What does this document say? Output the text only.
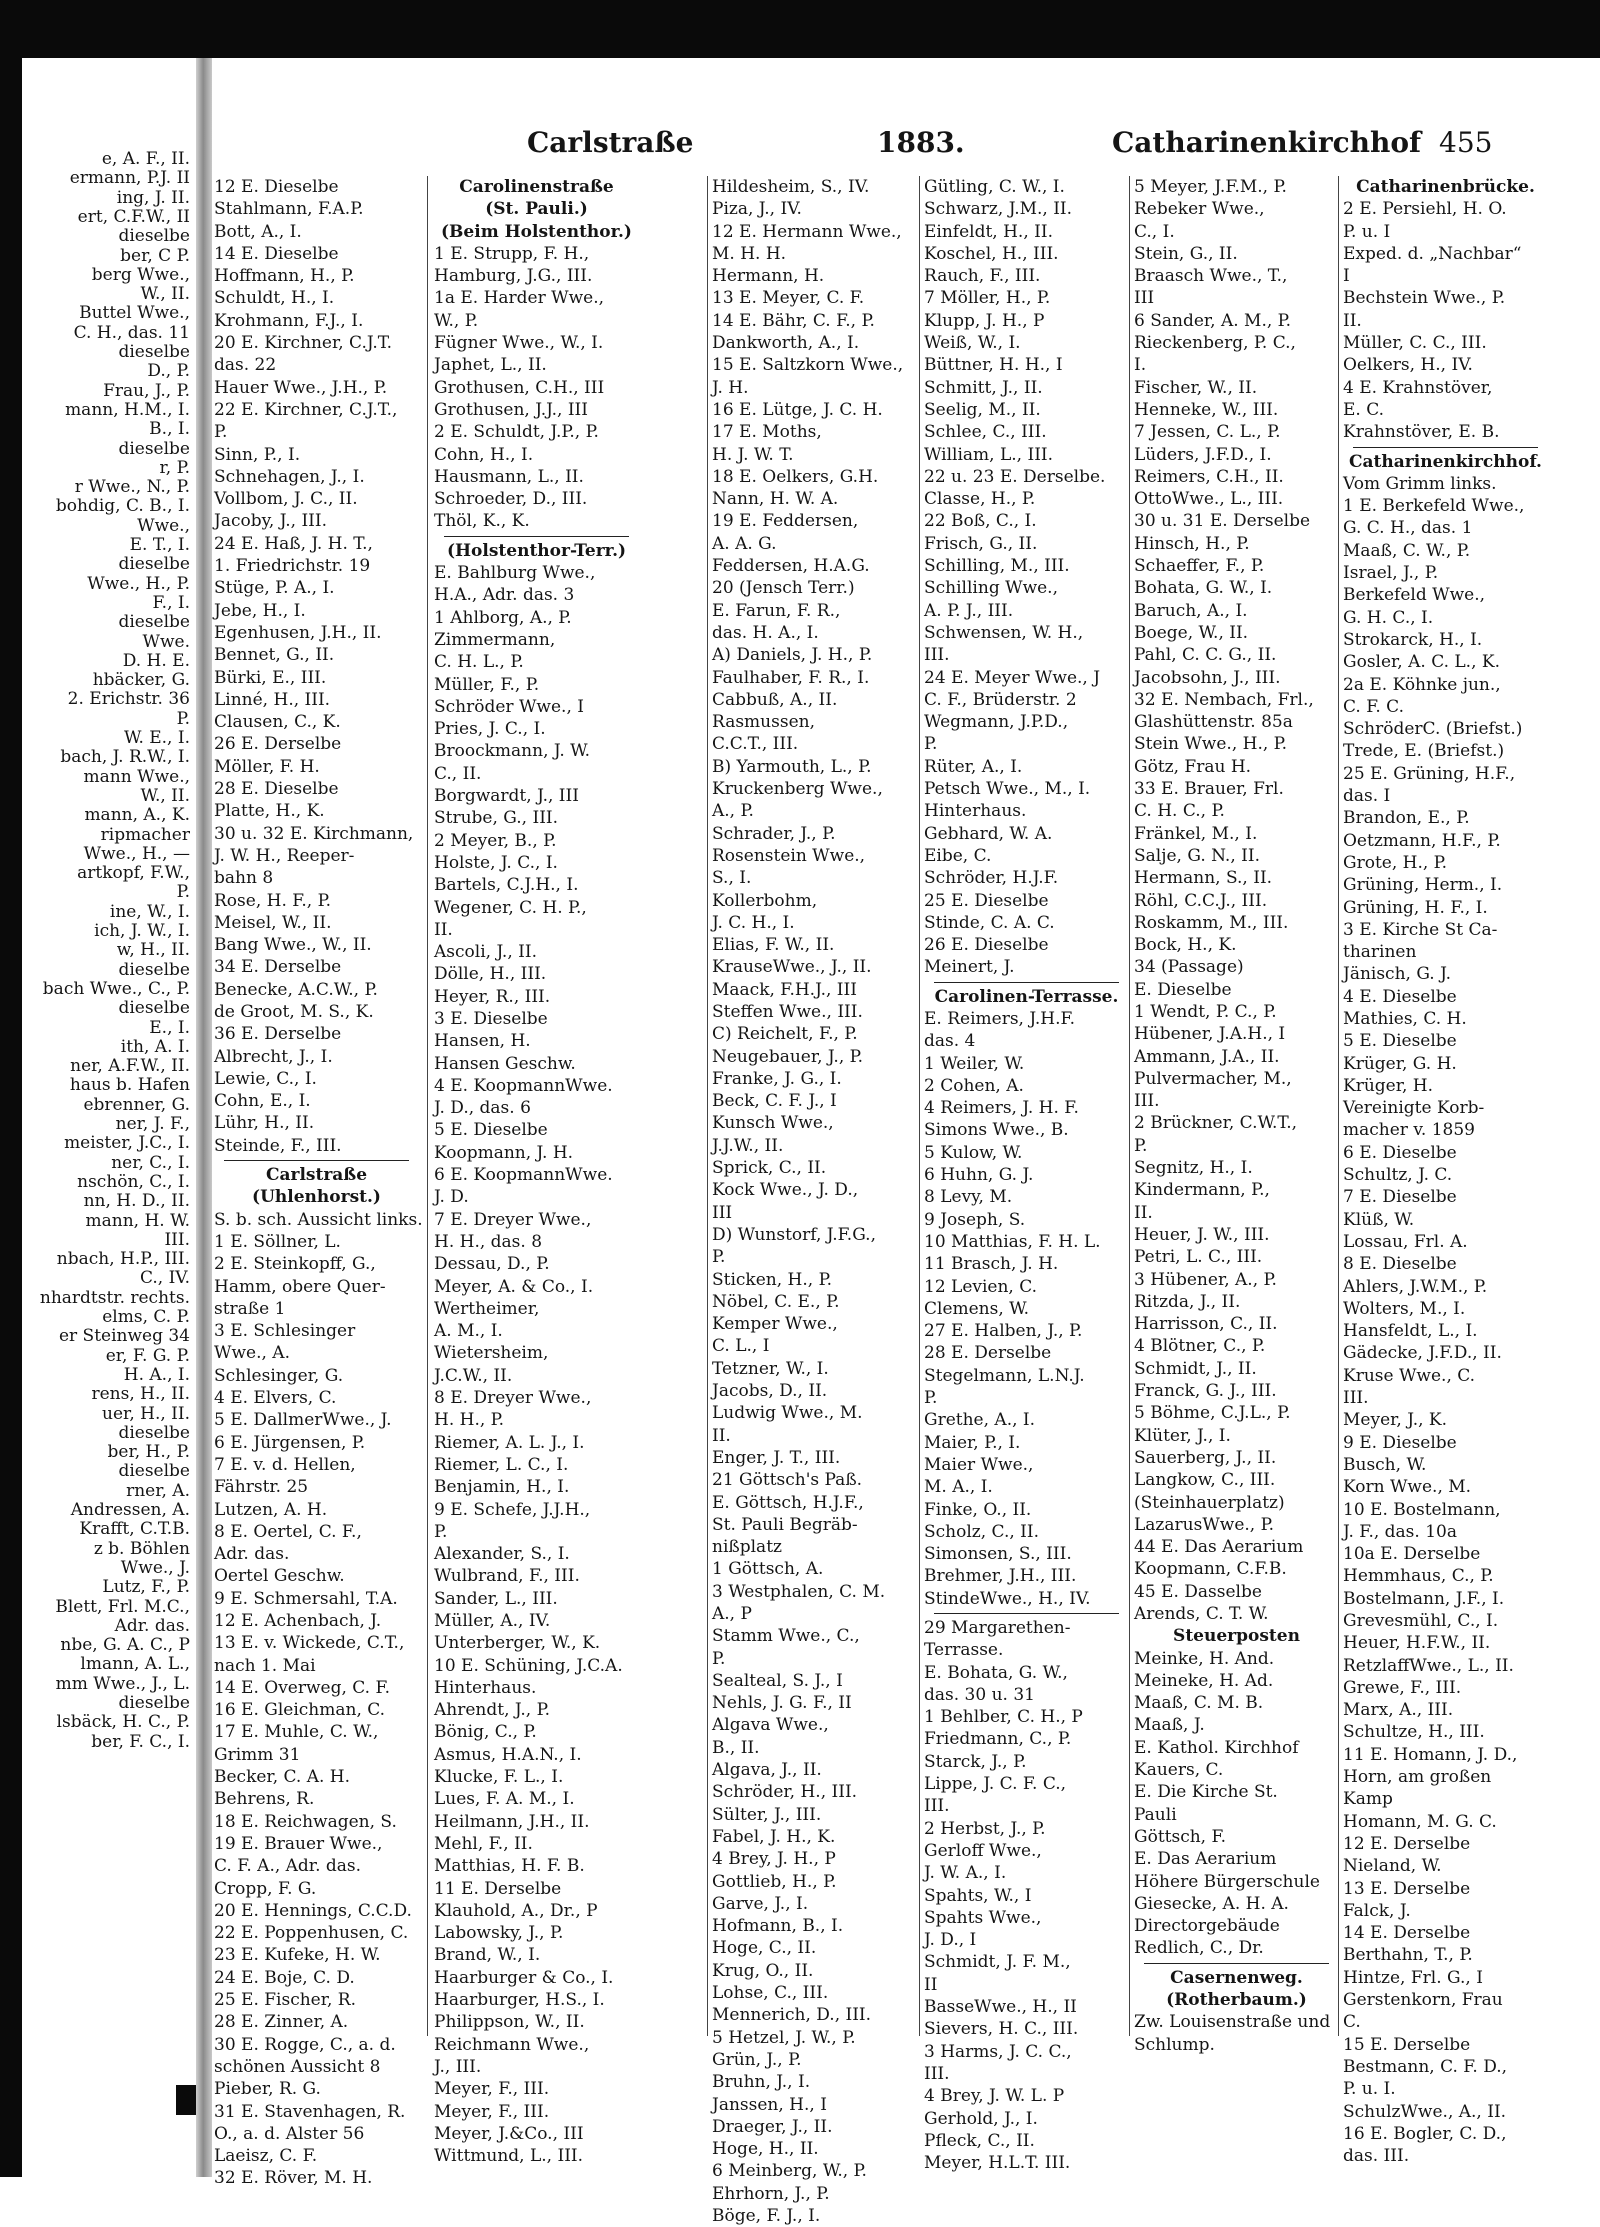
e, A. F., II.
ermann, P.J. II
ing, J. II.
ert, C.F.W., II
dieselbe
ber, C P.
berg Wwe.,
W., II.
Buttel Wwe.,
C. H., das. 11
dieselbe
D., P.
Frau, J., P.
mann, H.M., I.
B., I.
dieselbe
r, P.
r Wwe., N., P.
bohdig, C. B., I.
Wwe.,
E. T., I.
dieselbe
Wwe., H., P.
F., I.
dieselbe
Wwe.
D. H. E.
hbäcker, G.
2. Erichstr. 36
P.
W. E., I.
bach, J. R.W., I.
mann Wwe.,
W., II.
mann, A., K.
ripmacher
Wwe., H., —
artkopf, F.W.,
P.
ine, W., I.
ich, J. W., I.
w, H., II.
dieselbe
bach Wwe., C., P.
dieselbe
E., I.
ith, A. I.
ner, A.F.W., II.
haus b. Hafen
ebrenner, G.
ner, J. F.,
meister, J.C., I.
ner, C., I.
nschön, C., I.
nn, H. D., II.
mann, H. W.
III.
nbach, H.P., III.
C., IV.
nhardtstr. rechts.
elms, C. P.
er Steinweg 34
er, F. G. P.
H. A., I.
rens, H., II.
uer, H., II.
dieselbe
ber, H., P.
dieselbe
rner, A.
Andressen, A.
Krafft, C.T.B.
z b. Böhlen
Wwe., J.
Lutz, F., P.
Blett, Frl. M.C.,
Adr. das.
nbe, G. A. C., P
lmann, A. L.,
mm Wwe., J., L.
dieselbe
lsbäck, H. C., P.
ber, F. C., I.
Carlstraße	1883.	Catharinenkirchhof 455
12 E. Dieselbe
Stahlmann, F.A.P.
Bott, A., I.
14 E. Dieselbe
Hoffmann, H., P.
Schuldt, H., I.
Krohmann, F.J., I.
20 E. Kirchner, C.J.T.
das. 22
Hauer Wwe., J.H., P.
22 E. Kirchner, C.J.T.,
P.
Sinn, P., I.
Schnehagen, J., I.
Vollbom, J. C., II.
Jacoby, J., III.
24 E. Haß, J. H. T.,
1. Friedrichstr. 19
Stüge, P. A., I.
Jebe, H., I.
Egenhusen, J.H., II.
Bennet, G., II.
Bürki, E., III.
Linné, H., III.
Clausen, C., K.
26 E. Derselbe
Möller, F. H.
28 E. Dieselbe
Platte, H., K.
30 u. 32 E. Kirchmann,
J. W. H., Reeper-
bahn 8
Rose, H. F., P.
Meisel, W., II.
Bang Wwe., W., II.
34 E. Derselbe
Benecke, A.C.W., P.
de Groot, M. S., K.
36 E. Derselbe
Albrecht, J., I.
Lewie, C., I.
Cohn, E., I.
Lühr, H., II.
Steinde, F., III.
Carlstraße
(Uhlenhorst.)
S. b. sch. Aussicht links.
1 E. Söllner, L.
2 E. Steinkopff, G.,
Hamm, obere Quer-
straße 1
3 E. Schlesinger
Wwe., A.
Schlesinger, G.
4 E. Elvers, C.
5 E. DallmerWwe., J.
6 E. Jürgensen, P.
7 E. v. d. Hellen,
Fährstr. 25
Lutzen, A. H.
8 E. Oertel, C. F.,
Adr. das.
Oertel Geschw.
9 E. Schmersahl, T.A.
12 E. Achenbach, J.
13 E. v. Wickede, C.T.,
nach 1. Mai
14 E. Overweg, C. F.
16 E. Gleichman, C.
17 E. Muhle, C. W.,
Grimm 31
Becker, C. A. H.
Behrens, R.
18 E. Reichwagen, S.
19 E. Brauer Wwe.,
C. F. A., Adr. das.
Cropp, F. G.
20 E. Hennings, C.C.D.
22 E. Poppenhusen, C.
23 E. Kufeke, H. W.
24 E. Boje, C. D.
25 E. Fischer, R.
28 E. Zinner, A.
30 E. Rogge, C., a. d.
schönen Aussicht 8
Pieber, R. G.
31 E. Stavenhagen, R.
O., a. d. Alster 56
Laeisz, C. F.
32 E. Röver, M. H.
Carolinenstraße
(St. Pauli.)
(Beim Holstenthor.)
1 E. Strupp, F. H.,
Hamburg, J.G., III.
1a E. Harder Wwe.,
W., P.
Fügner Wwe., W., I.
Japhet, L., II.
Grothusen, C.H., III
Grothusen, J.J., III
2 E. Schuldt, J.P., P.
Cohn, H., I.
Hausmann, L., II.
Schroeder, D., III.
Thöl, K., K.
(Holstenthor-Terr.)
E. Bahlburg Wwe.,
H.A., Adr. das. 3
1 Ahlborg, A., P.
Zimmermann,
C. H. L., P.
Müller, F., P.
Schröder Wwe., I
Pries, J. C., I.
Broockmann, J. W.
C., II.
Borgwardt, J., III
Strube, G., III.
2 Meyer, B., P.
Holste, J. C., I.
Bartels, C.J.H., I.
Wegener, C. H. P.,
II.
Ascoli, J., II.
Dölle, H., III.
Heyer, R., III.
3 E. Dieselbe
Hansen, H.
Hansen Geschw.
4 E. KoopmannWwe.
J. D., das. 6
5 E. Dieselbe
Koopmann, J. H.
6 E. KoopmannWwe.
J. D.
7 E. Dreyer Wwe.,
H. H., das. 8
Dessau, D., P.
Meyer, A. & Co., I.
Wertheimer,
A. M., I.
Wietersheim,
J.C.W., II.
8 E. Dreyer Wwe.,
H. H., P.
Riemer, A. L. J., I.
Riemer, L. C., I.
Benjamin, H., I.
9 E. Schefe, J.J.H.,
P.
Alexander, S., I.
Wulbrand, F., III.
Sander, L., III.
Müller, A., IV.
Unterberger, W., K.
10 E. Schüning, J.C.A.
Hinterhaus.
Ahrendt, J., P.
Bönig, C., P.
Asmus, H.A.N., I.
Klucke, F. L., I.
Lues, F. A. M., I.
Heilmann, J.H., II.
Mehl, F., II.
Matthias, H. F. B.
11 E. Derselbe
Klauhold, A., Dr., P
Labowsky, J., P.
Brand, W., I.
Haarburger & Co., I.
Haarburger, H.S., I.
Philippson, W., II.
Reichmann Wwe.,
J., III.
Meyer, F., III.
Meyer, F., III.
Meyer, J.&Co., III
Wittmund, L., III.
Hildesheim, S., IV.
Piza, J., IV.
12 E. Hermann Wwe.,
M. H. H.
Hermann, H.
13 E. Meyer, C. F.
14 E. Bähr, C. F., P.
Dankworth, A., I.
15 E. Saltzkorn Wwe.,
J. H.
16 E. Lütge, J. C. H.
17 E. Moths,
H. J. W. T.
18 E. Oelkers, G.H.
Nann, H. W. A.
19 E. Feddersen,
A. A. G.
Feddersen, H.A.G.
20 (Jensch Terr.)
E. Farun, F. R.,
das. H. A., I.
A) Daniels, J. H., P.
Faulhaber, F. R., I.
Cabbuß, A., II.
Rasmussen,
C.C.T., III.
B) Yarmouth, L., P.
Kruckenberg Wwe.,
A., P.
Schrader, J., P.
Rosenstein Wwe.,
S., I.
Kollerbohm,
J. C. H., I.
Elias, F. W., II.
KrauseWwe., J., II.
Maack, F.H.J., III
Steffen Wwe., III.
C) Reichelt, F., P.
Neugebauer, J., P.
Franke, J. G., I.
Beck, C. F. J., I
Kunsch Wwe.,
J.J.W., II.
Sprick, C., II.
Kock Wwe., J. D.,
III
D) Wunstorf, J.F.G.,
P.
Sticken, H., P.
Nöbel, C. E., P.
Kemper Wwe.,
C. L., I
Tetzner, W., I.
Jacobs, D., II.
Ludwig Wwe., M.
II.
Enger, J. T., III.
21 Göttsch's Paß.
E. Göttsch, H.J.F.,
St. Pauli Begräb-
nißplatz
1 Göttsch, A.
3 Westphalen, C. M.
A., P
Stamm Wwe., C.,
P.
Sealteal, S. J., I
Nehls, J. G. F., II
Algava Wwe.,
B., II.
Algava, J., II.
Schröder, H., III.
Sülter, J., III.
Fabel, J. H., K.
4 Brey, J. H., P
Gottlieb, H., P.
Garve, J., I.
Hofmann, B., I.
Hoge, C., II.
Krug, O., II.
Lohse, C., III.
Mennerich, D., III.
5 Hetzel, J. W., P.
Grün, J., P.
Bruhn, J., I.
Janssen, H., I
Draeger, J., II.
Hoge, H., II.
6 Meinberg, W., P.
Ehrhorn, J., P.
Böge, F. J., I.
Gütling, C. W., I.
Schwarz, J.M., II.
Einfeldt, H., II.
Koschel, H., III.
Rauch, F., III.
7 Möller, H., P.
Klupp, J. H., P
Weiß, W., I.
Büttner, H. H., I
Schmitt, J., II.
Seelig, M., II.
Schlee, C., III.
William, L., III.
22 u. 23 E. Derselbe.
Classe, H., P.
22 Boß, C., I.
Frisch, G., II.
Schilling, M., III.
Schilling Wwe.,
A. P. J., III.
Schwensen, W. H.,
III.
24 E. Meyer Wwe., J
C. F., Brüderstr. 2
Wegmann, J.P.D.,
P.
Rüter, A., I.
Petsch Wwe., M., I.
Hinterhaus.
Gebhard, W. A.
Eibe, C.
Schröder, H.J.F.
25 E. Dieselbe
Stinde, C. A. C.
26 E. Dieselbe
Meinert, J.
Carolinen-Terrasse.
E. Reimers, J.H.F.
das. 4
1 Weiler, W.
2 Cohen, A.
4 Reimers, J. H. F.
Simons Wwe., B.
5 Kulow, W.
6 Huhn, G. J.
8 Levy, M.
9 Joseph, S.
10 Matthias, F. H. L.
11 Brasch, J. H.
12 Levien, C.
Clemens, W.
27 E. Halben, J., P.
28 E. Derselbe
Stegelmann, L.N.J.
P.
Grethe, A., I.
Maier, P., I.
Maier Wwe.,
M. A., I.
Finke, O., II.
Scholz, C., II.
Simonsen, S., III.
Brehmer, J.H., III.
StindeWwe., H., IV.
29 Margarethen-
Terrasse.
E. Bohata, G. W.,
das. 30 u. 31
1 Behlber, C. H., P
Friedmann, C., P.
Starck, J., P.
Lippe, J. C. F. C.,
III.
2 Herbst, J., P.
Gerloff Wwe.,
J. W. A., I.
Spahts, W., I
Spahts Wwe.,
J. D., I
Schmidt, J. F. M.,
II
BasseWwe., H., II
Sievers, H. C., III.
3 Harms, J. C. C.,
III.
4 Brey, J. W. L. P
Gerhold, J., I.
Pfleck, C., II.
Meyer, H.L.T. III.
5 Meyer, J.F.M., P.
Rebeker Wwe.,
C., I.
Stein, G., II.
Braasch Wwe., T.,
III
6 Sander, A. M., P.
Rieckenberg, P. C.,
I.
Fischer, W., II.
Henneke, W., III.
7 Jessen, C. L., P.
Lüders, J.F.D., I.
Reimers, C.H., II.
OttoWwe., L., III.
30 u. 31 E. Derselbe
Hinsch, H., P.
Schaeffer, F., P.
Bohata, G. W., I.
Baruch, A., I.
Boege, W., II.
Pahl, C. C. G., II.
Jacobsohn, J., III.
32 E. Nembach, Frl.,
Glashüttenstr. 85a
Stein Wwe., H., P.
Götz, Frau H.
33 E. Brauer, Frl.
C. H. C., P.
Fränkel, M., I.
Salje, G. N., II.
Hermann, S., II.
Röhl, C.C.J., III.
Roskamm, M., III.
Bock, H., K.
34 (Passage)
E. Dieselbe
1 Wendt, P. C., P.
Hübener, J.A.H., I
Ammann, J.A., II.
Pulvermacher, M.,
III.
2 Brückner, C.W.T.,
P.
Segnitz, H., I.
Kindermann, P.,
II.
Heuer, J. W., III.
Petri, L. C., III.
3 Hübener, A., P.
Ritzda, J., II.
Harrisson, C., II.
4 Blötner, C., P.
Schmidt, J., II.
Franck, G. J., III.
5 Böhme, C.J.L., P.
Klüter, J., I.
Sauerberg, J., II.
Langkow, C., III.
(Steinhauerplatz)
LazarusWwe., P.
44 E. Das Aerarium
Koopmann, C.F.B.
45 E. Dasselbe
Arends, C. T. W.
Steuerposten
Meinke, H. And.
Meineke, H. Ad.
Maaß, C. M. B.
Maaß, J.
E. Kathol. Kirchhof
Kauers, C.
E. Die Kirche St.
Pauli
Göttsch, F.
E. Das Aerarium
Höhere Bürgerschule
Giesecke, A. H. A.
Directorgebäude
Redlich, C., Dr.
Casernenweg.
(Rotherbaum.)
Zw. Louisenstraße und
Schlump.
Catharinenbrücke.
2 E. Persiehl, H. O.
P. u. I
Exped. d. „Nachbar“
I
Bechstein Wwe., P.
II.
Müller, C. C., III.
Oelkers, H., IV.
4 E. Krahnstöver,
E. C.
Krahnstöver, E. B.
Catharinenkirchhof.
Vom Grimm links.
1 E. Berkefeld Wwe.,
G. C. H., das. 1
Maaß, C. W., P.
Israel, J., P.
Berkefeld Wwe.,
G. H. C., I.
Strokarck, H., I.
Gosler, A. C. L., K.
2a E. Köhnke jun.,
C. F. C.
SchröderC. (Briefst.)
Trede, E. (Briefst.)
25 E. Grüning, H.F.,
das. I
Brandon, E., P.
Oetzmann, H.F., P.
Grote, H., P.
Grüning, Herm., I.
Grüning, H. F., I.
3 E. Kirche St Ca-
tharinen
Jänisch, G. J.
4 E. Dieselbe
Mathies, C. H.
5 E. Dieselbe
Krüger, G. H.
Krüger, H.
Vereinigte Korb-
macher v. 1859
6 E. Dieselbe
Schultz, J. C.
7 E. Dieselbe
Klüß, W.
Lossau, Frl. A.
8 E. Dieselbe
Ahlers, J.W.M., P.
Wolters, M., I.
Hansfeldt, L., I.
Gädecke, J.F.D., II.
Kruse Wwe., C.
III.
Meyer, J., K.
9 E. Dieselbe
Busch, W.
Korn Wwe., M.
10 E. Bostelmann,
J. F., das. 10a
10a E. Derselbe
Hemmhaus, C., P.
Bostelmann, J.F., I.
Grevesmühl, C., I.
Heuer, H.F.W., II.
RetzlaffWwe., L., II.
Grewe, F., III.
Marx, A., III.
Schultze, H., III.
11 E. Homann, J. D.,
Horn, am großen
Kamp
Homann, M. G. C.
12 E. Derselbe
Nieland, W.
13 E. Derselbe
Falck, J.
14 E. Derselbe
Berthahn, T., P.
Hintze, Frl. G., I
Gerstenkorn, Frau
C.
15 E. Derselbe
Bestmann, C. F. D.,
P. u. I.
SchulzWwe., A., II.
16 E. Bogler, C. D.,
das. III.
